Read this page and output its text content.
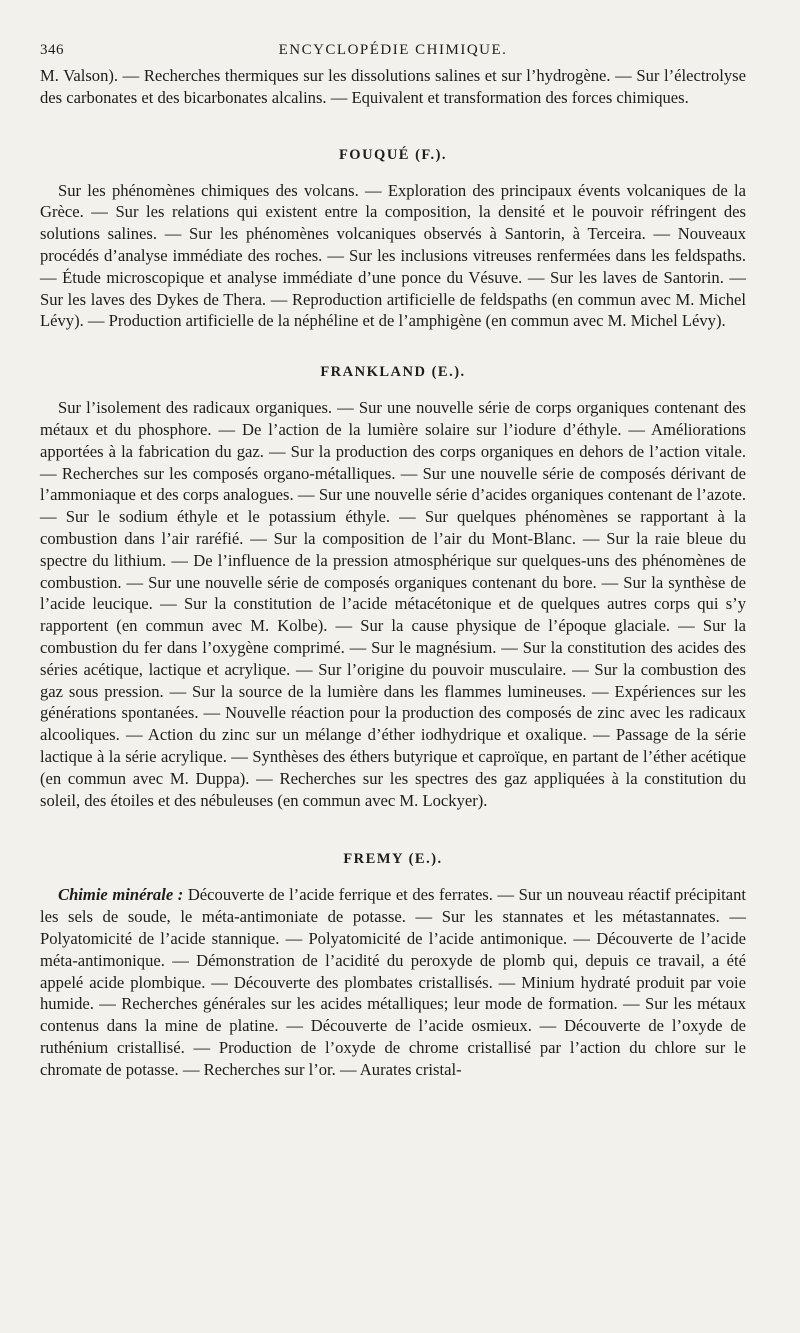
346	ENCYCLOPÉDIE CHIMIQUE.

M. Valson). — Recherches thermiques sur les dissolutions salines et sur l’hydrogène. — Sur l’électrolyse des carbonates et des bicarbonates alcalins. — Equivalent et transformation des forces chimiques.

FOUQUÉ (F.).

Sur les phénomènes chimiques des volcans. — Exploration des principaux évents volcaniques de la Grèce. — Sur les relations qui existent entre la composition, la densité et le pouvoir réfringent des solutions salines. — Sur les phénomènes volcaniques observés à Santorin, à Terceira. — Nouveaux procédés d’analyse immédiate des roches. — Sur les inclusions vitreuses renfermées dans les feldspaths. — Étude microscopique et analyse immédiate d’une ponce du Vésuve. — Sur les laves de Santorin. — Sur les laves des Dykes de Thera. — Reproduction artificielle de feldspaths (en commun avec M. Michel Lévy). — Production artificielle de la néphéline et de l’amphigène (en commun avec M. Michel Lévy).

FRANKLAND (E.).

Sur l’isolement des radicaux organiques. — Sur une nouvelle série de corps organiques contenant des métaux et du phosphore. — De l’action de la lumière solaire sur l’iodure d’éthyle. — Améliorations apportées à la fabrication du gaz. — Sur la production des corps organiques en dehors de l’action vitale. — Recherches sur les composés organo-métalliques. — Sur une nouvelle série de composés dérivant de l’ammoniaque et des corps analogues. — Sur une nouvelle série d’acides organiques contenant de l’azote. — Sur le sodium éthyle et le potassium éthyle. — Sur quelques phénomènes se rapportant à la combustion dans l’air raréfié. — Sur la composition de l’air du Mont-Blanc. — Sur la raie bleue du spectre du lithium. — De l’influence de la pression atmosphérique sur quelques-uns des phénomènes de combustion. — Sur une nouvelle série de composés organiques contenant du bore. — Sur la synthèse de l’acide leucique. — Sur la constitution de l’acide métacétonique et de quelques autres corps qui s’y rapportent (en commun avec M. Kolbe). — Sur la cause physique de l’époque glaciale. — Sur la combustion du fer dans l’oxygène comprimé. — Sur le magnésium. — Sur la constitution des acides des séries acétique, lactique et acrylique. — Sur l’origine du pouvoir musculaire. — Sur la combustion des gaz sous pression. — Sur la source de la lumière dans les flammes lumineuses. — Expériences sur les générations spontanées. — Nouvelle réaction pour la production des composés de zinc avec les radicaux alcooliques. — Action du zinc sur un mélange d’éther iodhydrique et oxalique. — Passage de la série lactique à la série acrylique. — Synthèses des éthers butyrique et caproïque, en partant de l’éther acétique (en commun avec M. Duppa). — Recherches sur les spectres des gaz appliquées à la constitution du soleil, des étoiles et des nébuleuses (en commun avec M. Lockyer).

FREMY (E.).

Chimie minérale : Découverte de l’acide ferrique et des ferrates. — Sur un nouveau réactif précipitant les sels de soude, le méta-antimoniate de potasse. — Sur les stannates et les métastannates. — Polyatomicité de l’acide stannique. — Polyatomicité de l’acide antimonique. — Découverte de l’acide méta-antimonique. — Démonstration de l’acidité du peroxyde de plomb qui, depuis ce travail, a été appelé acide plombique. — Découverte des plombates cristallisés. — Minium hydraté produit par voie humide. — Recherches générales sur les acides métalliques; leur mode de formation. — Sur les métaux contenus dans la mine de platine. — Découverte de l’acide osmieux. — Découverte de l’oxyde de ruthénium cristallisé. — Production de l’oxyde de chrome cristallisé par l’action du chlore sur le chromate de potasse. — Recherches sur l’or. — Aurates cristal-
